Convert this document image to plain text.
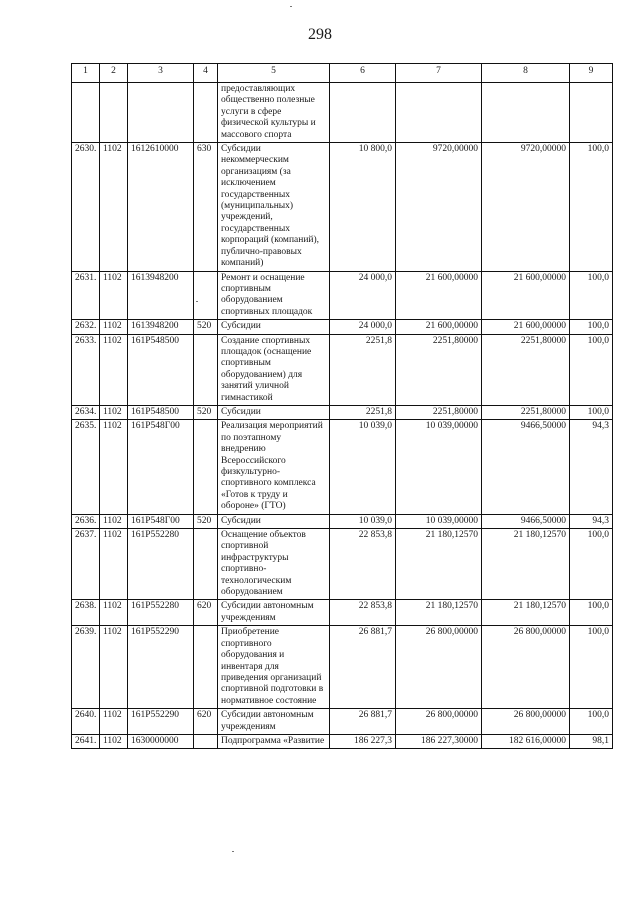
298
1	2	3	4	5	6	7	8	9
				предоставляющих общественно полезные услуги в сфере физической культуры и массового спорта				
2630.	1102	1612610000	630	Субсидии некоммерческим организациям (за исключением государственных (муниципальных) учреждений, государственных корпораций (компаний), публично-правовых компаний)	10 800,0	9720,00000	9720,00000	100,0
2631.	1102	1613948200		Ремонт и оснащение спортивным оборудованием спортивных площадок	24 000,0	21 600,00000	21 600,00000	100,0
2632.	1102	1613948200	520	Субсидии	24 000,0	21 600,00000	21 600,00000	100,0
2633.	1102	161P548500		Создание спортивных площадок (оснащение спортивным оборудованием) для занятий уличной гимнастикой	2251,8	2251,80000	2251,80000	100,0
2634.	1102	161P548500	520	Субсидии	2251,8	2251,80000	2251,80000	100,0
2635.	1102	161P548Г00		Реализация мероприятий по поэтапному внедрению Всероссийского физкультурно-спортивного комплекса «Готов к труду и обороне» (ГТО)	10 039,0	10 039,00000	9466,50000	94,3
2636.	1102	161P548Г00	520	Субсидии	10 039,0	10 039,00000	9466,50000	94,3
2637.	1102	161P552280		Оснащение объектов спортивной инфраструктуры спортивно-технологическим оборудованием	22 853,8	21 180,12570	21 180,12570	100,0
2638.	1102	161P552280	620	Субсидии автономным учреждениям	22 853,8	21 180,12570	21 180,12570	100,0
2639.	1102	161P552290		Приобретение спортивного оборудования и инвентаря для приведения организаций спортивной подготовки в нормативное состояние	26 881,7	26 800,00000	26 800,00000	100,0
2640.	1102	161P552290	620	Субсидии автономным учреждениям	26 881,7	26 800,00000	26 800,00000	100,0
2641.	1102	1630000000		Подпрограмма «Развитие	186 227,3	186 227,30000	182 616,00000	98,1
